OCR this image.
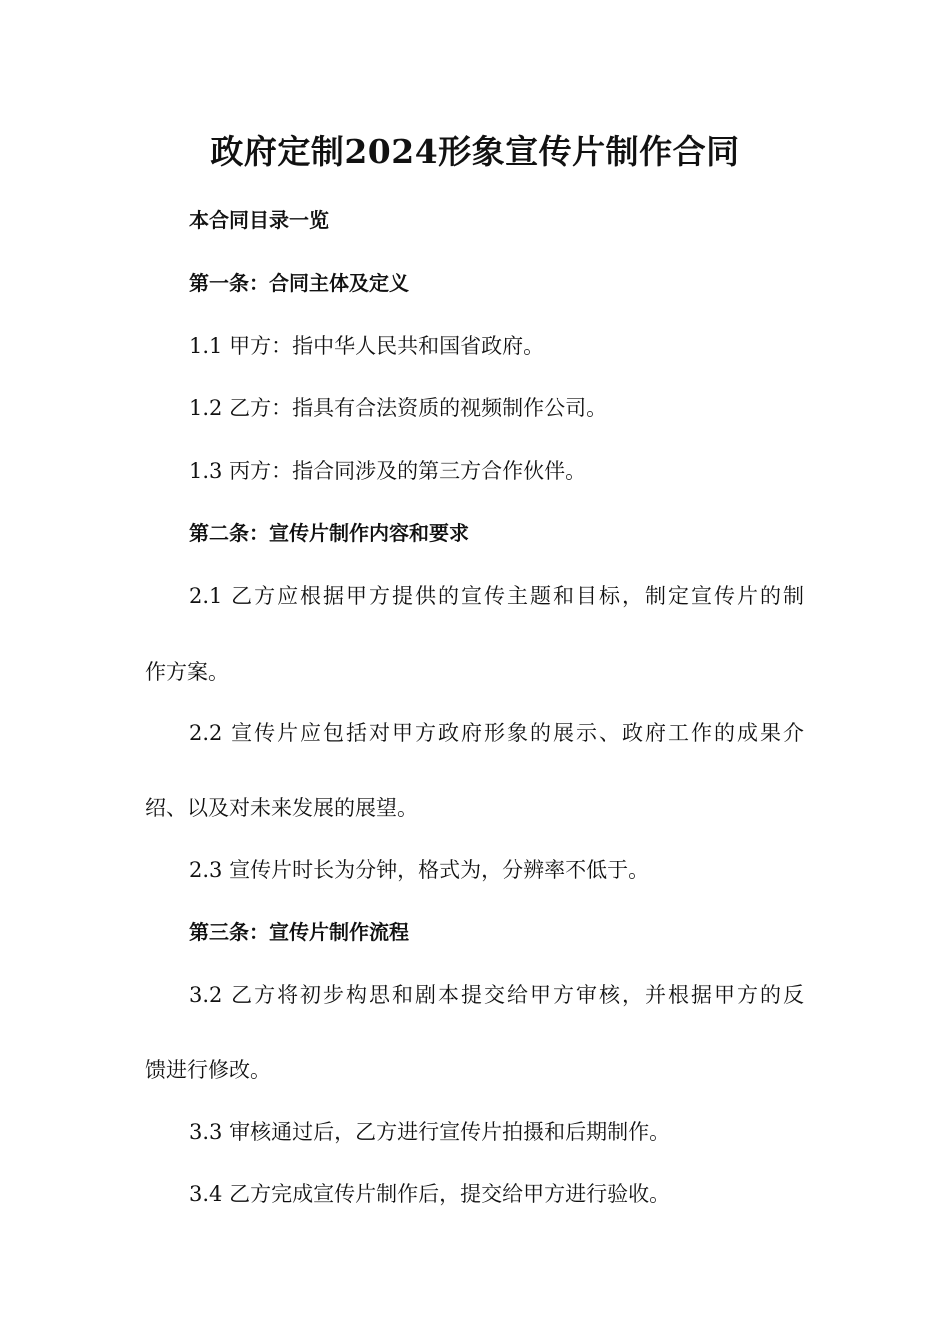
政府定制2024形象宣传片制作合同
本合同目录一览
第一条：合同主体及定义
1.1 甲方：指中华人民共和国省政府。
1.2 乙方：指具有合法资质的视频制作公司。
1.3 丙方：指合同涉及的第三方合作伙伴。
第二条：宣传片制作内容和要求
2.1 乙方应根据甲方提供的宣传主题和目标，制定宣传片的制
作方案。
2.2 宣传片应包括对甲方政府形象的展示、政府工作的成果介
绍、以及对未来发展的展望。
2.3 宣传片时长为分钟，格式为，分辨率不低于。
第三条：宣传片制作流程
3.2 乙方将初步构思和剧本提交给甲方审核，并根据甲方的反
馈进行修改。
3.3 审核通过后，乙方进行宣传片拍摄和后期制作。
3.4 乙方完成宣传片制作后，提交给甲方进行验收。
